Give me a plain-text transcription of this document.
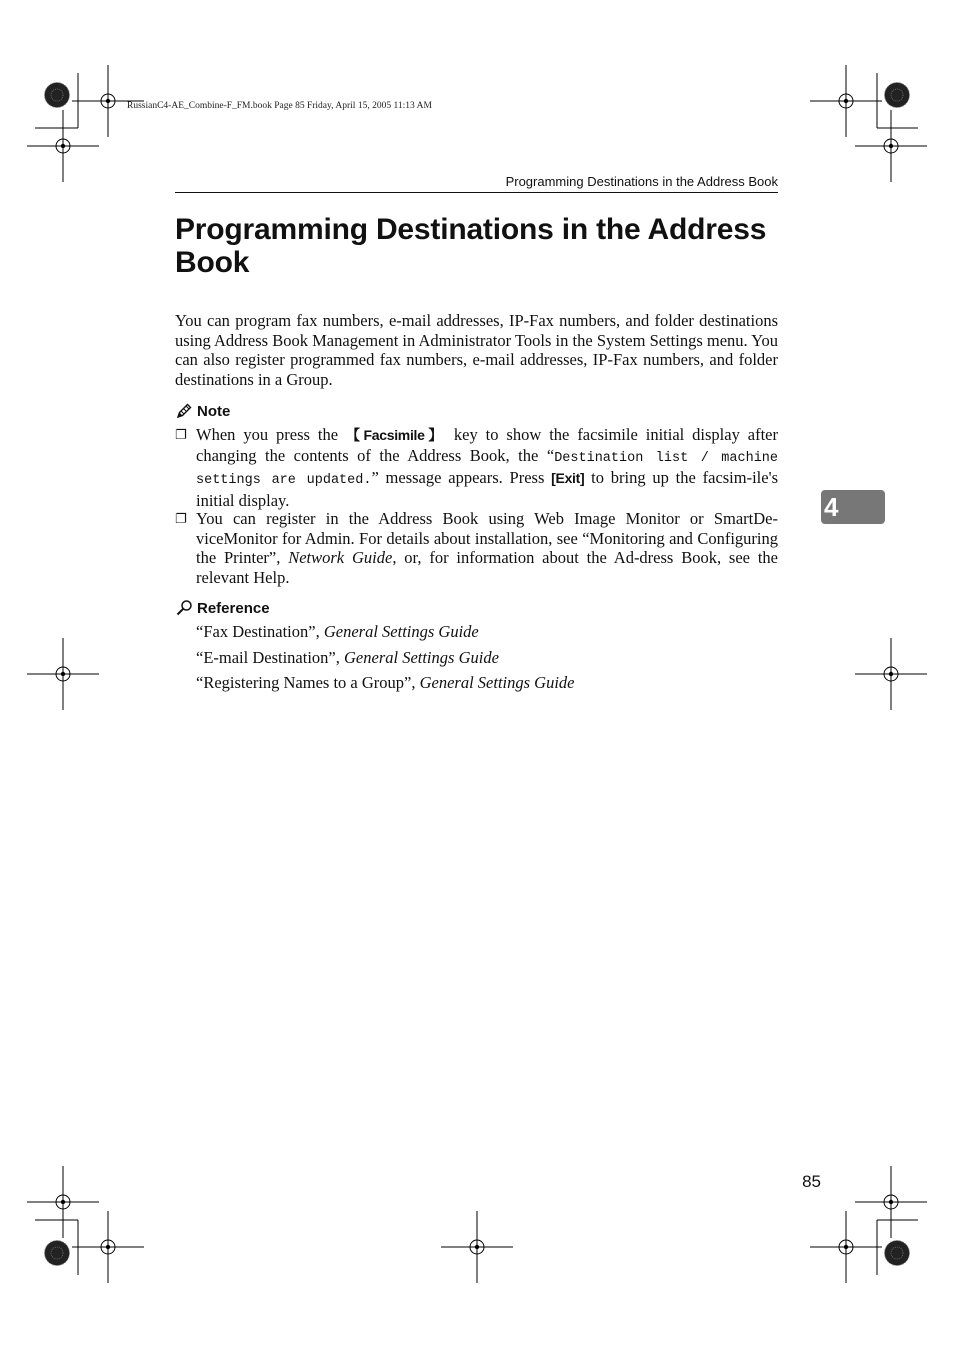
RussianC4-AE_Combine-F_FM.book Page 85 Friday, April 15, 2005 11:13 AM
Programming Destinations in the Address Book
Programming Destinations in the Address Book

You can program fax numbers, e-mail addresses, IP-Fax numbers, and folder destinations using Address Book Management in Administrator Tools in the System Settings menu. You can also register programmed fax numbers, e-mail addresses, IP-Fax numbers, and folder destinations in a Group.

Note
❐ When you press the 【Facsimile】 key to show the facsimile initial display after changing the contents of the Address Book, the “Destination list / machine settings are updated.” message appears. Press [Exit] to bring up the facsim-ile's initial display.
❐ You can register in the Address Book using Web Image Monitor or SmartDe-viceMonitor for Admin. For details about installation, see “Monitoring and Configuring the Printer”, Network Guide, or, for information about the Ad-dress Book, see the relevant Help.
Reference
“Fax Destination”, General Settings Guide
“E-mail Destination”, General Settings Guide
“Registering Names to a Group”, General Settings Guide
4
85
